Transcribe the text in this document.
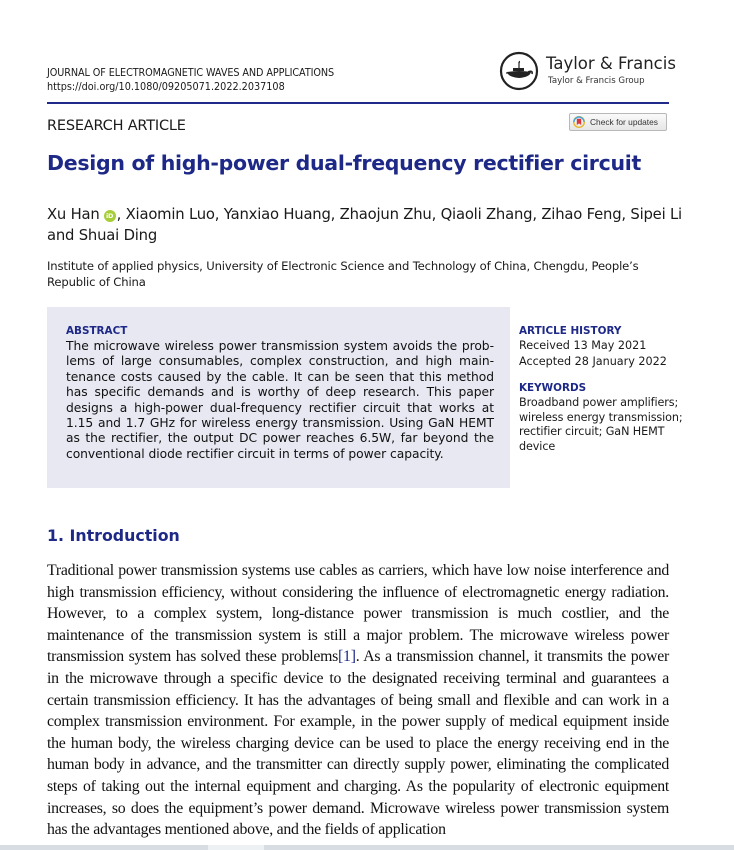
JOURNAL OF ELECTROMAGNETIC WAVES AND APPLICATIONS
https://doi.org/10.1080/09205071.2022.2037108
Taylor & Francis
Taylor & Francis Group
RESEARCH ARTICLE	Check for updates
Design of high-power dual-frequency rectifier circuit
Xu Han iD , Xiaomin Luo, Yanxiao Huang, Zhaojun Zhu, Qiaoli Zhang, Zihao Feng, Sipei Li and Shuai Ding
Institute of applied physics, University of Electronic Science and Technology of China, Chengdu, People’s Republic of China
ABSTRACT
The microwave wireless power transmission system avoids the problems of large consumables, complex construction, and high maintenance costs caused by the cable. It can be seen that this method has specific demands and is worthy of deep research. This paper designs a high-power dual-frequency rectifier circuit that works at 1.15 and 1.7 GHz for wireless energy transmission. Using GaN HEMT as the rectifier, the output DC power reaches 6.5W, far beyond the conventional diode rectifier circuit in terms of power capacity.
ARTICLE HISTORY
Received 13 May 2021
Accepted 28 January 2022
KEYWORDS
Broadband power amplifiers; wireless energy transmission; rectifier circuit; GaN HEMT device
1. Introduction

Traditional power transmission systems use cables as carriers, which have low noise interference and high transmission efficiency, without considering the influence of electromagnetic energy radiation. However, to a complex system, long-distance power transmission is much costlier, and the maintenance of the transmission system is still a major problem. The microwave wireless power transmission system has solved these problems[1]. As a transmission channel, it transmits the power in the microwave through a specific device to the designated receiving terminal and guarantees a certain transmission efficiency. It has the advantages of being small and flexible and can work in a complex transmission environment. For example, in the power supply of medical equipment inside the human body, the wireless charging device can be used to place the energy receiving end in the human body in advance, and the transmitter can directly supply power, eliminating the complicated steps of taking out the internal equipment and charging. As the popularity of electronic equipment increases, so does the equipment’s power demand. Microwave wireless power transmission system has the advantages mentioned above, and the fields of application
